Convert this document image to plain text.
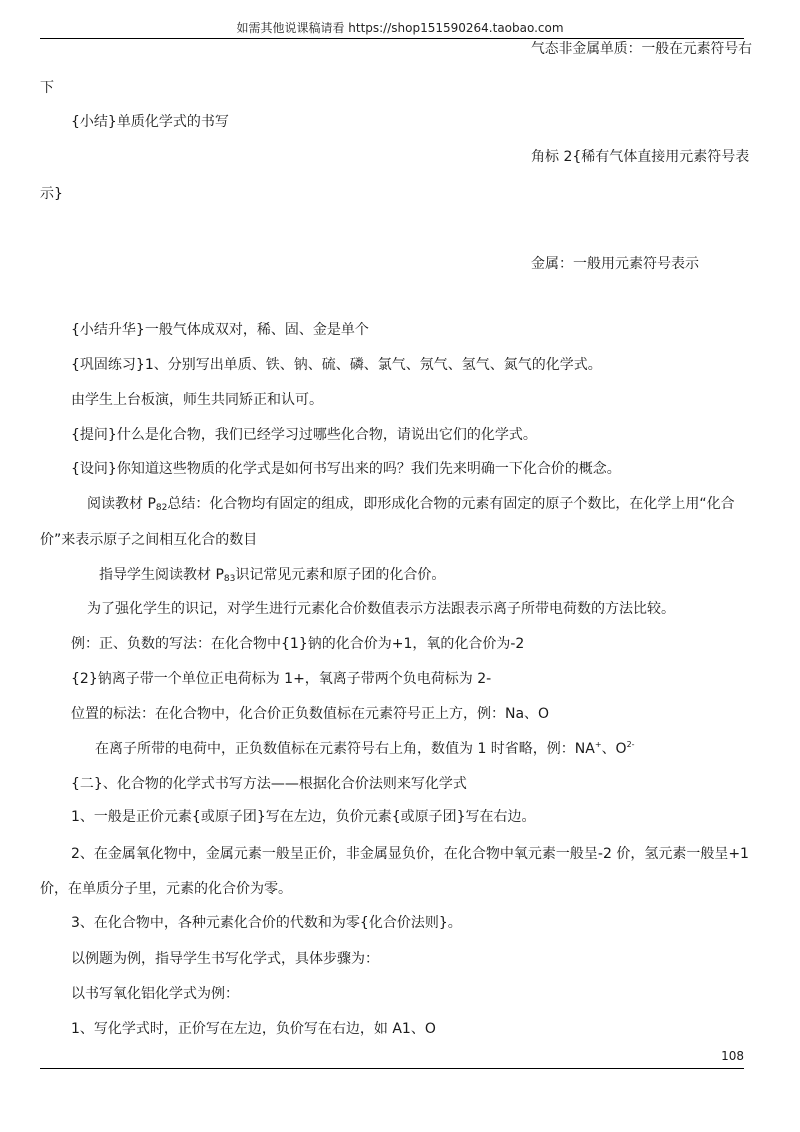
如需其他说课稿请看 https://shop151590264.taobao.com
气态非金属单质：一般在元素符号右
下
{小结}单质化学式的书写
角标 2{稀有气体直接用元素符号表
示}
金属：一般用元素符号表示
{小结升华}一般气体成双对，稀、固、金是单个
{巩固练习}1、分别写出单质、铁、钠、硫、磷、氯气、氖气、氢气、氮气的化学式。
由学生上台板演，师生共同矫正和认可。
{提问}什么是化合物，我们已经学习过哪些化合物，请说出它们的化学式。
{设问}你知道这些物质的化学式是如何书写出来的吗？我们先来明确一下化合价的概念。
阅读教材 $P_{82}$总结：化合物均有固定的组成，即形成化合物的元素有固定的原子个数比，在化学上用“化合
价”来表示原子之间相互化合的数目
指导学生阅读教材 $P_{83}$识记常见元素和原子团的化合价。
为了强化学生的识记，对学生进行元素化合价数值表示方法跟表示离子所带电荷数的方法比较。
例：正、负数的写法：在化合物中{1}钠的化合价为+1，氧的化合价为-2
{2}钠离子带一个单位正电荷标为 1+，氧离子带两个负电荷标为 2-
位置的标法：在化合物中，化合价正负数值标在元素符号正上方，例：Na、O
在离子所带的电荷中，正负数值标在元素符号右上角，数值为 1 时省略，例：NA+、$O^{2-}$
{二}、化合物的化学式书写方法——根据化合价法则来写化学式
1、一般是正价元素{或原子团}写在左边，负价元素{或原子团}写在右边。
2、在金属氧化物中，金属元素一般呈正价，非金属显负价，在化合物中氧元素一般呈-2 价，氢元素一般呈+1
价，在单质分子里，元素的化合价为零。
3、在化合物中，各种元素化合价的代数和为零{化合价法则}。
以例题为例，指导学生书写化学式，具体步骤为：
以书写氧化铝化学式为例：
1、写化学式时，正价写在左边，负价写在右边，如 A1、O
108
